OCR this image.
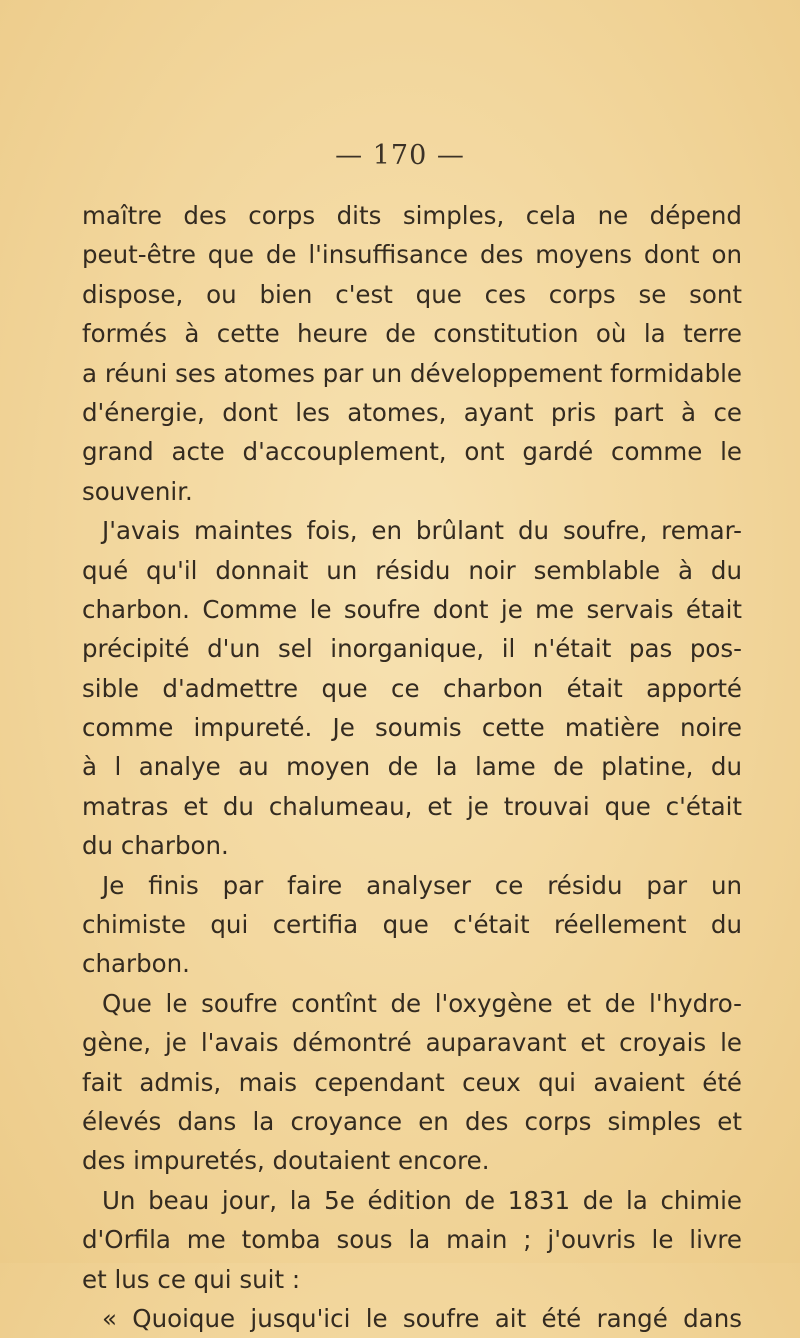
— 170 —
maître des corps dits simples, cela ne dépend
peut-être que de l'insuffisance des moyens dont on
dispose, ou bien c'est que ces corps se sont
formés à cette heure de constitution où la terre
a réuni ses atomes par un développement formidable
d'énergie, dont les atomes, ayant pris part à ce
grand acte d'accouplement, ont gardé comme le
souvenir.
J'avais maintes fois, en brûlant du soufre, remar-
qué qu'il donnait un résidu noir semblable à du
charbon. Comme le soufre dont je me servais était
précipité d'un sel inorganique, il n'était pas pos-
sible d'admettre que ce charbon était apporté
comme impureté. Je soumis cette matière noire
à l analye au moyen de la lame de platine, du
matras et du chalumeau, et je trouvai que c'était
du charbon.
Je finis par faire analyser ce résidu par un
chimiste qui certifia que c'était réellement du
charbon.
Que le soufre contînt de l'oxygène et de l'hydro-
gène, je l'avais démontré auparavant et croyais le
fait admis, mais cependant ceux qui avaient été
élevés dans la croyance en des corps simples et
des impuretés, doutaient encore.
Un beau jour, la 5e édition de 1831 de la chimie
d'Orfila me tomba sous la main ; j'ouvris le livre
et lus ce qui suit :
« Quoique jusqu'ici le soufre ait été rangé dans
